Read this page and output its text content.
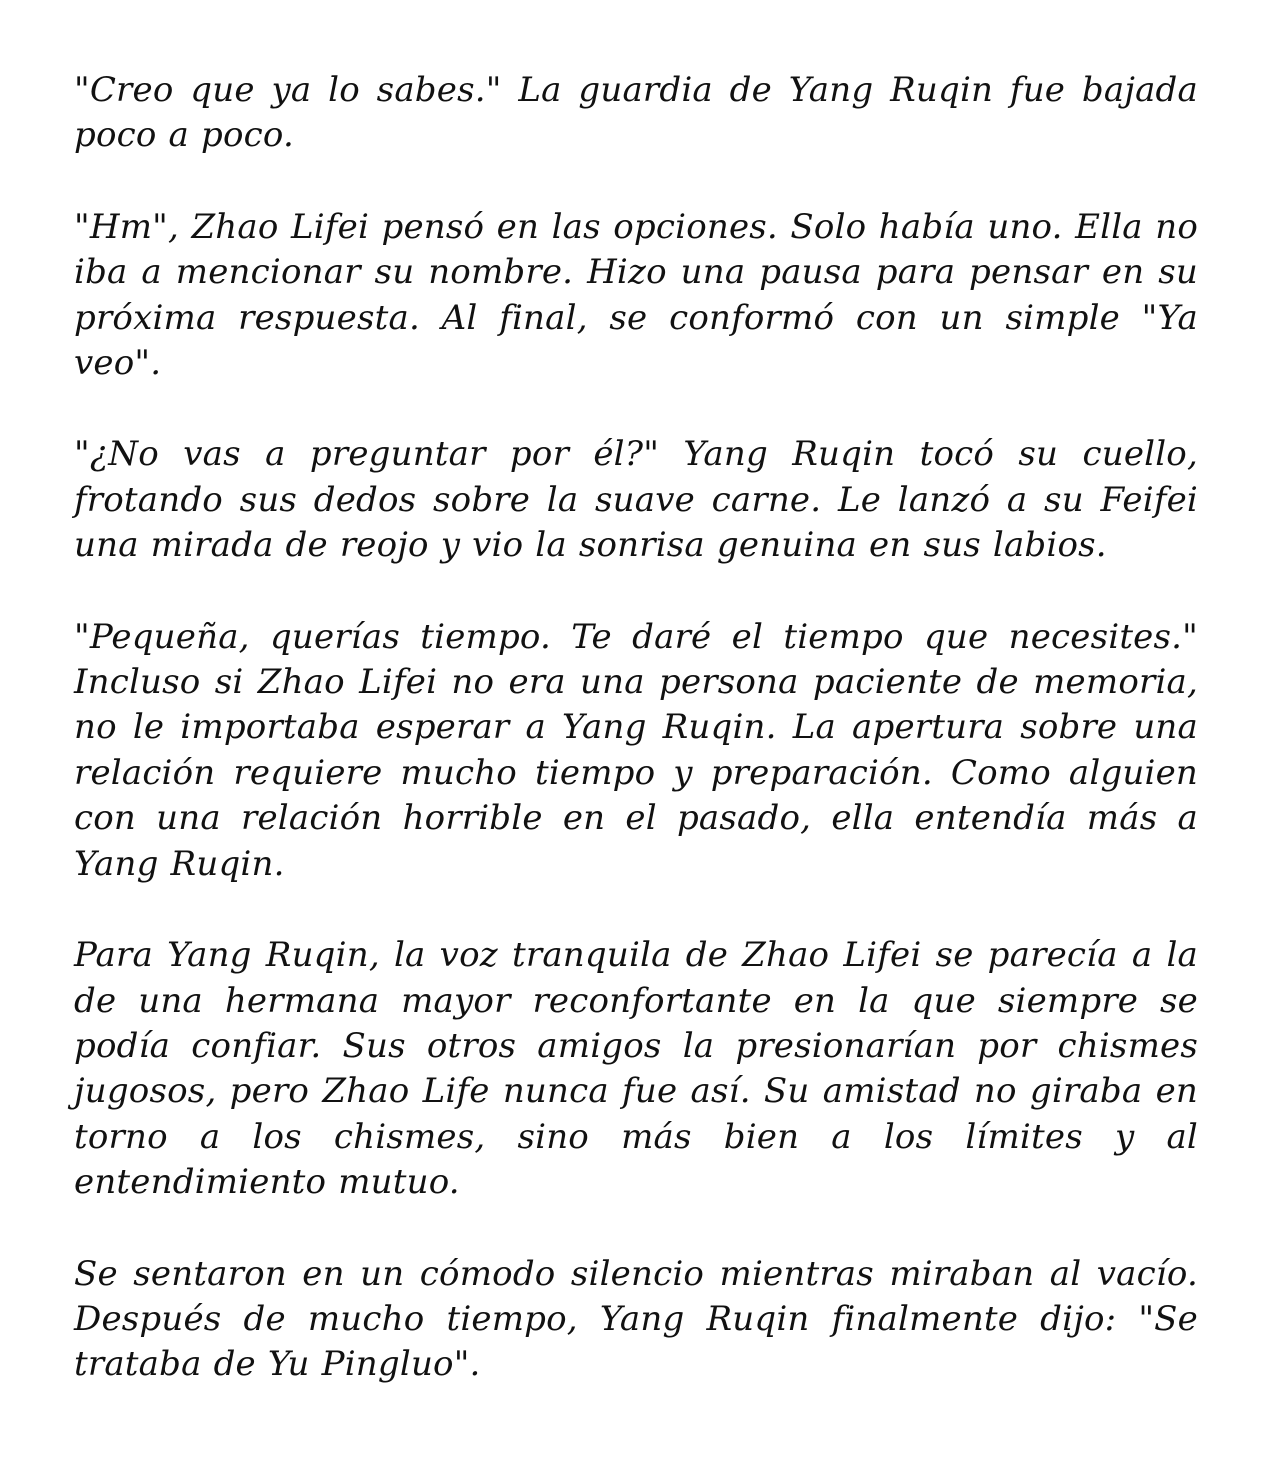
"Creo que ya lo sabes." La guardia de Yang Ruqin fue bajada poco a poco.

"Hm", Zhao Lifei pensó en las opciones. Solo había uno. Ella no iba a mencionar su nombre. Hizo una pausa para pensar en su próxima respuesta. Al final, se conformó con un simple "Ya veo".

"¿No vas a preguntar por él?" Yang Ruqin tocó su cuello, frotando sus dedos sobre la suave carne. Le lanzó a su Feifei una mirada de reojo y vio la sonrisa genuina en sus labios.

"Pequeña, querías tiempo. Te daré el tiempo que necesites." Incluso si Zhao Lifei no era una persona paciente de memoria, no le importaba esperar a Yang Ruqin. La apertura sobre una relación requiere mucho tiempo y preparación. Como alguien con una relación horrible en el pasado, ella entendía más a Yang Ruqin.

Para Yang Ruqin, la voz tranquila de Zhao Lifei se parecía a la de una hermana mayor reconfortante en la que siempre se podía confiar. Sus otros amigos la presionarían por chismes jugosos, pero Zhao Life nunca fue así. Su amistad no giraba en torno a los chismes, sino más bien a los límites y al entendimiento mutuo.

Se sentaron en un cómodo silencio mientras miraban al vacío. Después de mucho tiempo, Yang Ruqin finalmente dijo: "Se trataba de Yu Pingluo".
